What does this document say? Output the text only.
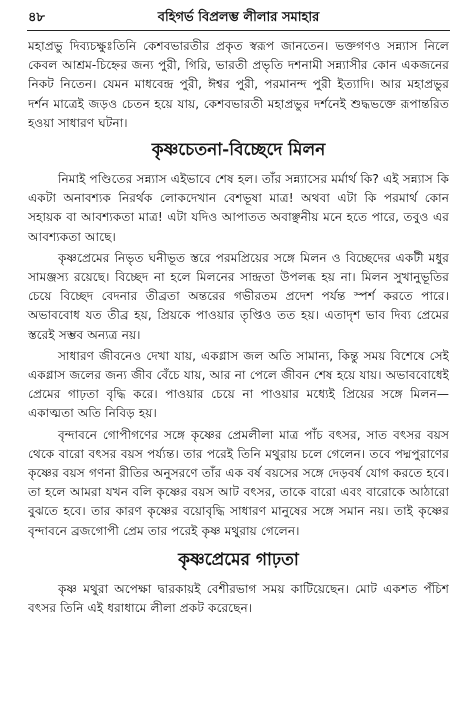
৪৮	বহিগর্ভ বিপ্রলম্ভ লীলার সমাহার

মহাপ্রভু দিব্যচক্ষুঃতিনি কেশবভারতীর প্রকৃত স্বরূপ জানতেন। ভক্তগণও সন্ন্যাস নিলে কেবল আশ্রম-চিহ্নের জন্য পুরী, গিরি, ভারতী প্রভৃতি দশনামী সন্ন্যাসীর কোন একজনের নিকট নিতেন। যেমন মাধবেন্দ্র পুরী, ঈশ্বর পুরী, পরমানন্দ পুরী ইত্যাদি। আর মহাপ্রভুর দর্শন মাত্রেই জড়ও চেতন হয়ে যায়, কেশবভারতী মহাপ্রভুর দর্শনেই শুদ্ধভক্তে রূপান্তরিত হওয়া সাধারণ ঘটনা।

কৃষ্ণচেতনা-বিচ্ছেদে মিলন

নিমাই পণ্ডিতের সন্ন্যাস এইভাবে শেষ হল। তাঁর সন্ন্যাসের মর্মার্থ কি? এই সন্ন্যাস কি একটা অনাবশ্যক নিরর্থক লোকদেখান বেশভূষা মাত্র! অথবা এটা কি পরমার্থ কোন সহায়ক বা আবশ্যকতা মাত্র! এটা যদিও আপাতত অবাঞ্ছনীয় মনে হতে পারে, তবুও এর আবশ্যকতা আছে।

কৃষ্ণপ্রেমের নিভৃত ঘনীভূত স্তরে পরমপ্রিয়ের সঙ্গে মিলন ও বিচ্ছেদের একটী মধুর সামঞ্জস্য রয়েছে। বিচ্ছেদ না হলে মিলনের সান্দ্রতা উপলব্ধ হয় না। মিলন সুখানুভূতির চেয়ে বিচ্ছেদ বেদনার তীব্রতা অন্তরের গভীরতম প্রদেশ পর্যন্ত স্পর্শ করতে পারে। অভাববোধ যত তীব্র হয়, প্রিয়কে পাওয়ার তৃপ্তিও তত হয়। এতাদৃশ ভাব দিব্য প্রেমের স্তরেই সম্ভব অন্যত্র নয়।

সাধারণ জীবনেও দেখা যায়, একগ্লাস জল অতি সামান্য, কিন্তু সময় বিশেষে সেই একগ্লাস জলের জন্য জীব বেঁচে যায়, আর না পেলে জীবন শেষ হয়ে যায়। অভাববোধেই প্রেমের গাঢ়তা বৃদ্ধি করে। পাওয়ার চেয়ে না পাওয়ার মধ্যেই প্রিয়ের সঙ্গে মিলন— একাত্মতা অতি নিবিড় হয়।

বৃন্দাবনে গোপীগণের সঙ্গে কৃষ্ণের প্রেমলীলা মাত্র পাঁচ বৎসর, সাত বৎসর বয়স থেকে বারো বৎসর বয়স পর্য্যন্ত। তার পরেই তিনি মথুরায় চলে গেলেন। তবে পদ্মপুরাণের কৃষ্ণের বয়স গণনা রীতির অনুসরণে তাঁর এক বর্ষ বয়সের সঙ্গে দেড়বর্ষ যোগ করতে হবে। তা হলে আমরা যখন বলি কৃষ্ণের বয়স আট বৎসর, তাকে বারো এবং বারোকে আঠারো বুঝতে হবে। তার কারণ কৃষ্ণের বয়োবৃদ্ধি সাধারণ মানুষের সঙ্গে সমান নয়। তাই কৃষ্ণের বৃন্দাবনে ব্রজগোপী প্রেম তার পরেই কৃষ্ণ মথুরায় গেলেন।

কৃষ্ণপ্রেমের গাঢ়তা

কৃষ্ণ মথুরা অপেক্ষা দ্বারকায়ই বেশীরভাগ সময় কাটিয়েছেন। মোট একশত পঁচিশ বৎসর তিনি এই ধরাধামে লীলা প্রকট করেছেন।
